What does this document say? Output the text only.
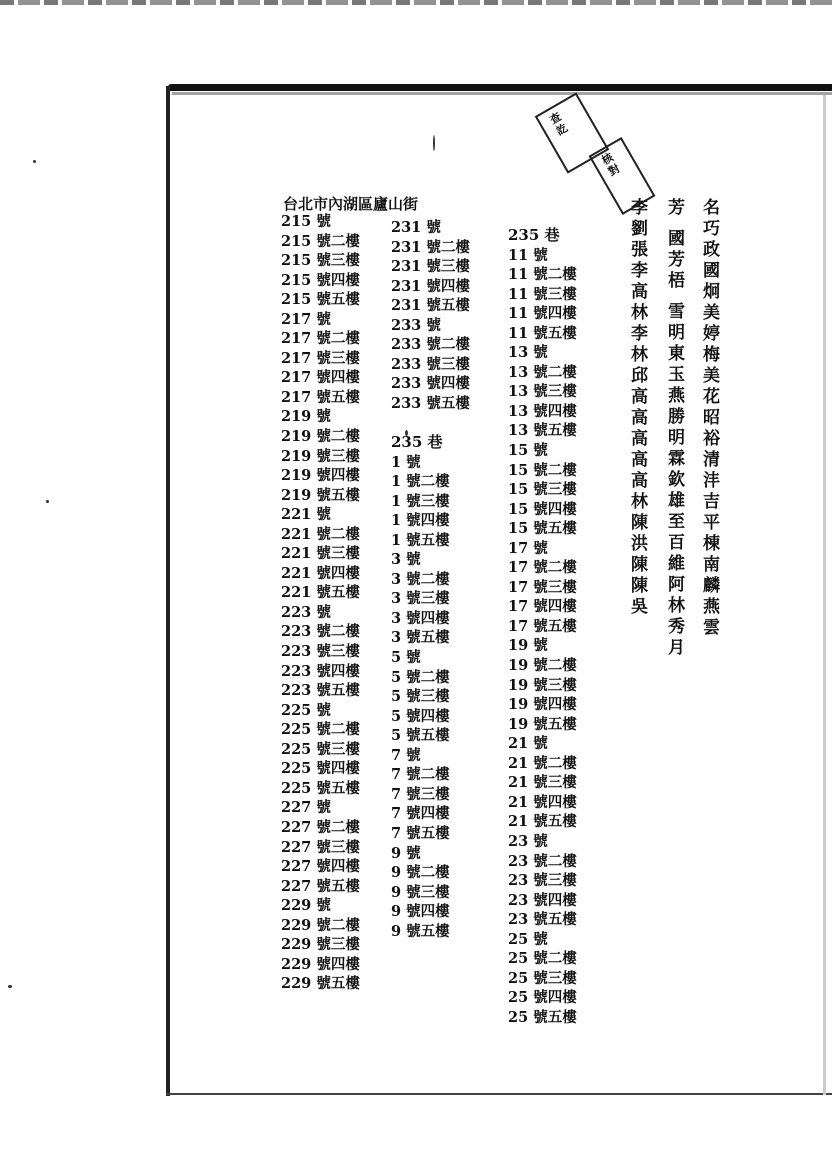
查訖
核對
台北市內湖區廬山街
215 號
215 號二樓
215 號三樓
215 號四樓
215 號五樓
217 號
217 號二樓
217 號三樓
217 號四樓
217 號五樓
219 號
219 號二樓
219 號三樓
219 號四樓
219 號五樓
221 號
221 號二樓
221 號三樓
221 號四樓
221 號五樓
223 號
223 號二樓
223 號三樓
223 號四樓
223 號五樓
225 號
225 號二樓
225 號三樓
225 號四樓
225 號五樓
227 號
227 號二樓
227 號三樓
227 號四樓
227 號五樓
229 號
229 號二樓
229 號三樓
229 號四樓
229 號五樓
231 號
231 號二樓
231 號三樓
231 號四樓
231 號五樓
233 號
233 號二樓
233 號三樓
233 號四樓
233 號五樓
235 巷
1 號
1 號二樓
1 號三樓
1 號四樓
1 號五樓
3 號
3 號二樓
3 號三樓
3 號四樓
3 號五樓
5 號
5 號二樓
5 號三樓
5 號四樓
5 號五樓
7 號
7 號二樓
7 號三樓
7 號四樓
7 號五樓
9 號
9 號二樓
9 號三樓
9 號四樓
9 號五樓
235 巷
11 號
11 號二樓
11 號三樓
11 號四樓
11 號五樓
13 號
13 號二樓
13 號三樓
13 號四樓
13 號五樓
15 號
15 號二樓
15 號三樓
15 號四樓
15 號五樓
17 號
17 號二樓
17 號三樓
17 號四樓
17 號五樓
19 號
19 號二樓
19 號三樓
19 號四樓
19 號五樓
21 號
21 號二樓
21 號三樓
21 號四樓
21 號五樓
23 號
23 號二樓
23 號三樓
23 號四樓
23 號五樓
25 號
25 號二樓
25 號三樓
25 號四樓
25 號五樓
名巧政國炯美婷梅美花昭裕清沣吉平棟南麟燕雲
芳 國芳梧 雪明東玉燕勝明霖欽雄至百維阿林秀月
李劉張李高林李林邱高高高高高林陳洪陳陳吳
